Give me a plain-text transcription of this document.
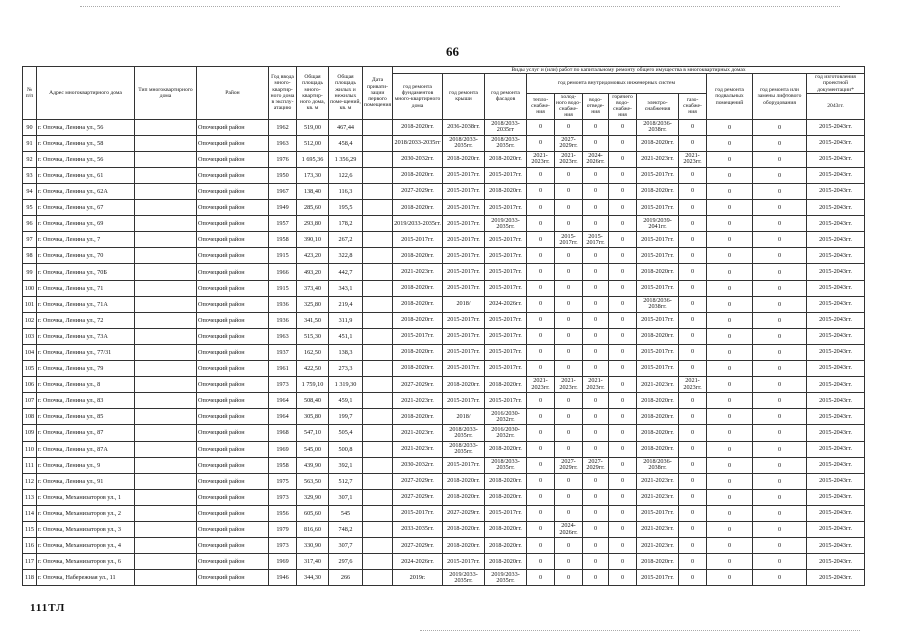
66
№ п/п	Адрес многоквартирного дома	Тип многоквартирного дома	Район	Год ввода много-квартир-ного дома в эксплу-атацию	Общая площадь много-квартир-ного дома, кв. м	Общая площадь жилых и нежилых поме-щений, кв. м	Дата привати-зации первого помещения	Виды услуг и (или) работ по капитальному ремонту общего имущества в многоквартирных домах											
								год ремонта фундаментов много-квартирного дома	год ремонта крыши	год ремонта фасадов	год ремонта внутридомовых инженерных систем						год ремонта подвальных помещений	год ремонта или замены лифтового оборудования	год изготовления проектной документации*
											тепло-снабже-ния	холод-ного водо-снабже-ния	водо-отведе-ния	горячего водо-снабже-ния	электро-снабжения	газо-снабже-ния			2043гг.
90	г. Опочка, Ленина ул., 56		Опочецкий район	1962	519,00	467,44		2018-2020гг.	2036-2038гг.	2018/2033-2035гг	0	0	0	0	2018/2036-2038гг.	0	0	0	2015-2043гг.
91	г. Опочка, Ленина ул., 58		Опочецкий район	1963	512,00	458,4		2018/2033-2035гг	2018/2033-2035гг.	2018/2033-2035гг.	0	2027-2029гг.	0	0	2018-2020гг.	0	0	0	2015-2043гг.
92	г. Опочка, Ленина ул., 56		Опочецкий район	1976	1 695,36	1 356,29		2030-2032гг.	2018-2020гг.	2018-2020гг.	2021-2023гг.	2021-2023гг.	2024-2026гг.	0	2021-2023гг.	2021-2023гг.	0	0	2015-2043гг.
93	г. Опочка, Ленина ул., 61		Опочецкий район	1950	173,30	122,6		2018-2020гг.	2015-2017гг.	2015-2017гг.	0	0	0	0	2015-2017гг.	0	0	0	2015-2043гг.
94	г. Опочка, Ленина ул., 62А		Опочецкий район	1967	138,40	116,3		2027-2029гг.	2015-2017гг.	2018-2020гг.	0	0	0	0	2018-2020гг.	0	0	0	2015-2043гг.
95	г. Опочка, Ленина ул., 67		Опочецкий район	1949	285,60	195,5		2018-2020гг.	2015-2017гг.	2015-2017гг.	0	0	0	0	2015-2017гг.	0	0	0	2015-2043гг.
96	г. Опочка, Ленина ул., 69		Опочецкий район	1957	293,80	178,2		2019/2033-2035гг.	2015-2017гг.	2019/2033-2035гг.	0	0	0	0	2019/2039-2041гг.	0	0	0	2015-2043гг.
97	г. Опочка, Ленина ул., 7		Опочецкий район	1958	390,10	267,2		2015-2017гг.	2015-2017гг.	2015-2017гг.	0	2015-2017гг.	2015-2017гг.	0	2015-2017гг.	0	0	0	2015-2043гг.
98	г. Опочка, Ленина ул., 70		Опочецкий район	1915	423,20	322,8		2018-2020гг.	2015-2017гг.	2015-2017гг.	0	0	0	0	2015-2017гг.	0	0	0	2015-2043гг.
99	г. Опочка, Ленина ул., 70Б		Опочецкий район	1966	493,20	442,7		2021-2023гг.	2015-2017гг.	2015-2017гг.	0	0	0	0	2018-2020гг.	0	0	0	2015-2043гг.
100	г. Опочка, Ленина ул., 71		Опочецкий район	1915	373,40	343,1		2018-2020гг.	2015-2017гг.	2015-2017гг.	0	0	0	0	2015-2017гг.	0	0	0	2015-2043гг.
101	г. Опочка, Ленина ул., 71А		Опочецкий район	1936	325,80	219,4		2018-2020гг.	2018/	2024-2026гг.	0	0	0	0	2018/2036-2038гг.	0	0	0	2015-2043гг.
102	г. Опочка, Ленина ул., 72		Опочецкий район	1936	341,50	311,9		2018-2020гг.	2015-2017гг.	2015-2017гг.	0	0	0	0	2015-2017гг.	0	0	0	2015-2043гг.
103	г. Опочка, Ленина ул., 73А		Опочецкий район	1963	515,30	451,1		2015-2017гг.	2015-2017гг.	2015-2017гг.	0	0	0	0	2018-2020гг.	0	0	0	2015-2043гг.
104	г. Опочка, Ленина ул., 77/31		Опочецкий район	1937	162,50	138,3		2018-2020гг.	2015-2017гг.	2015-2017гг.	0	0	0	0	2015-2017гг.	0	0	0	2015-2043гг.
105	г. Опочка, Ленина ул., 79		Опочецкий район	1961	422,50	273,3		2018-2020гг.	2015-2017гг.	2015-2017гг.	0	0	0	0	2015-2017гг.	0	0	0	2015-2043гг.
106	г. Опочка, Ленина ул., 8		Опочецкий район	1973	1 759,10	1 319,30		2027-2029гг.	2018-2020гг.	2018-2020гг.	2021-2023гг.	2021-2023гг.	2021-2023гг.	0	2021-2023гг.	2021-2023гг.	0	0	2015-2043гг.
107	г. Опочка, Ленина ул., 83		Опочецкий район	1964	508,40	459,1		2021-2023гг.	2015-2017гг.	2015-2017гг.	0	0	0	0	2018-2020гг.	0	0	0	2015-2043гг.
108	г. Опочка, Ленина ул., 85		Опочецкий район	1964	305,80	199,7		2018-2020гг.	2018/	2016/2030-2032гг.	0	0	0	0	2018-2020гг.	0	0	0	2015-2043гг.
109	г. Опочка, Ленина ул., 87		Опочецкий район	1968	547,10	505,4		2021-2023гг.	2018/2033-2035гг.	2016/2030-2032гг.	0	0	0	0	2018-2020гг.	0	0	0	2015-2043гг.
110	г. Опочка, Ленина ул., 87А		Опочецкий район	1969	545,00	500,8		2021-2023гг.	2018/2033-2035гг.	2018-2020гг.	0	0	0	0	2018-2020гг.	0	0	0	2015-2043гг.
111	г. Опочка, Ленина ул., 9		Опочецкий район	1958	439,90	392,1		2030-2032гг.	2015-2017гг.	2018/2033-2035гг.	0	2027-2029гг.	2027-2029гг.	0	2018/2036-2038гг.	0	0	0	2015-2043гг.
112	г. Опочка, Ленина ул., 91		Опочецкий район	1975	563,50	512,7		2027-2029гг.	2018-2020гг.	2018-2020гг.	0	0	0	0	2021-2023гг.	0	0	0	2015-2043гг.
113	г. Опочка, Механизаторов ул., 1		Опочецкий район	1973	329,90	307,1		2027-2029гг.	2018-2020гг.	2018-2020гг.	0	0	0	0	2021-2023гг.	0	0	0	2015-2043гг.
114	г. Опочка, Механизаторов ул., 2		Опочецкий район	1956	605,60	545		2015-2017гг.	2027-2029гг.	2015-2017гг.	0	0	0	0	2015-2017гг.	0	0	0	2015-2043гг.
115	г. Опочка, Механизаторов ул., 3		Опочецкий район	1979	816,60	748,2		2033-2035гг.	2018-2020гг.	2018-2020гг.	0	2024-2026гг.	0	0	2021-2023гг.	0	0	0	2015-2043гг.
116	г. Опочка, Механизаторов ул., 4		Опочецкий район	1973	330,90	307,7		2027-2029гг.	2018-2020гг.	2018-2020гг.	0	0	0	0	2021-2023гг.	0	0	0	2015-2043гг.
117	г. Опочка, Механизаторов ул., 6		Опочецкий район	1969	317,40	297,6		2024-2026гг.	2015-2017гг.	2018-2020гг.	0	0	0	0	2018-2020гг.	0	0	0	2015-2043гг.
118	г. Опочка, Набережная ул., 11		Опочецкий район	1946	344,30	266		2019г.	2019/2033-2035гг.	2019/2033-2035гг.	0	0	0	0	2015-2017гг.	0	0	0	2015-2043гг.
111ТЛ
